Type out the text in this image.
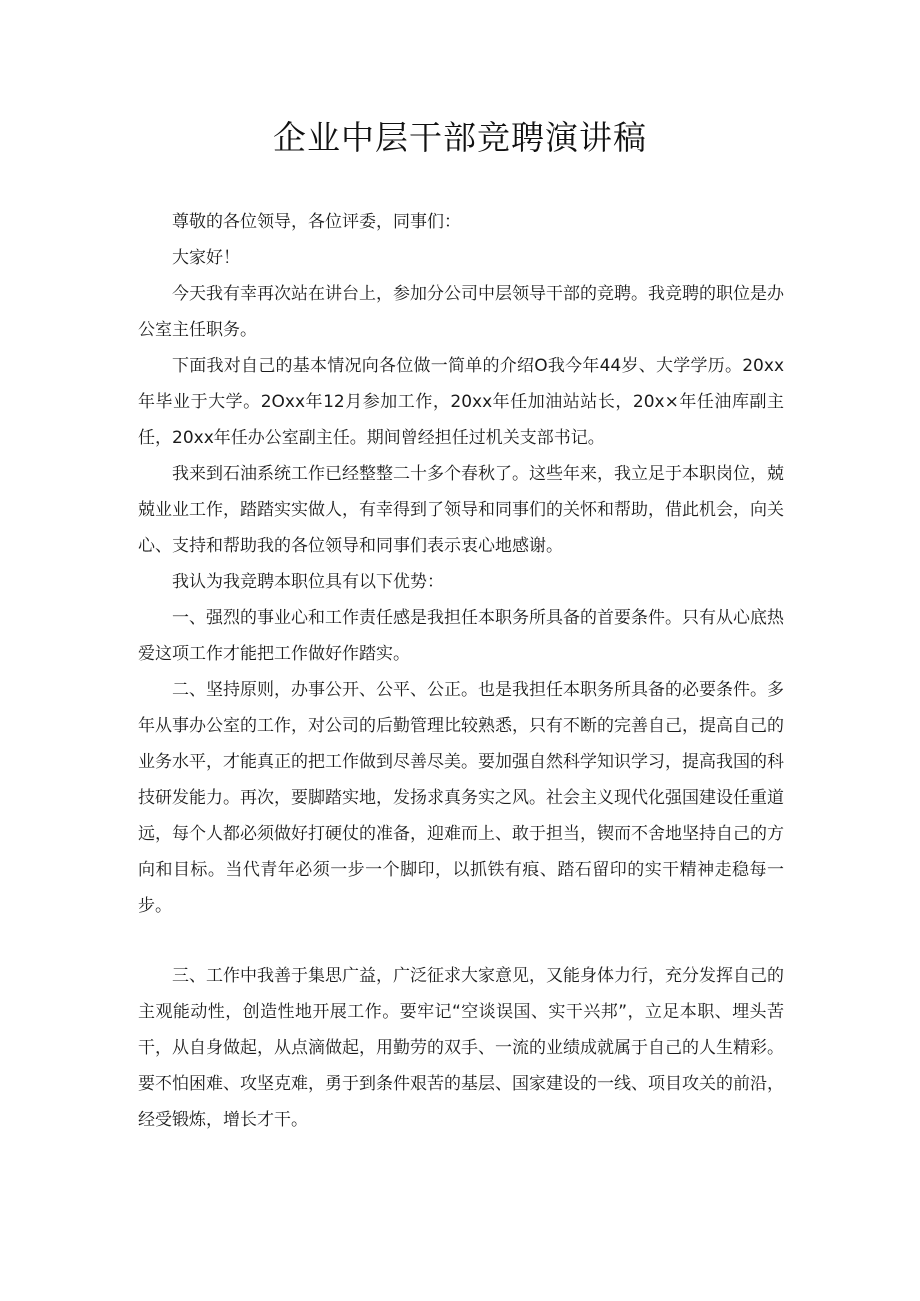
企业中层干部竞聘演讲稿

尊敬的各位领导，各位评委，同事们：

大家好！

今天我有幸再次站在讲台上，参加分公司中层领导干部的竞聘。我竞聘的职位是办公室主任职务。

下面我对自己的基本情况向各位做一简单的介绍O我今年44岁、大学学历。20xx年毕业于大学。2Oxx年12月参加工作，20xx年任加油站站长，20x×年任油库副主任，20xx年任办公室副主任。期间曾经担任过机关支部书记。

我来到石油系统工作已经整整二十多个春秋了。这些年来，我立足于本职岗位，兢兢业业工作，踏踏实实做人，有幸得到了领导和同事们的关怀和帮助，借此机会，向关心、支持和帮助我的各位领导和同事们表示衷心地感谢。

我认为我竞聘本职位具有以下优势：

一、强烈的事业心和工作责任感是我担任本职务所具备的首要条件。只有从心底热爱这项工作才能把工作做好作踏实。

二、坚持原则，办事公开、公平、公正。也是我担任本职务所具备的必要条件。多年从事办公室的工作，对公司的后勤管理比较熟悉，只有不断的完善自己，提高自己的业务水平，才能真正的把工作做到尽善尽美。要加强自然科学知识学习，提高我国的科技研发能力。再次，要脚踏实地，发扬求真务实之风。社会主义现代化强国建设任重道远，每个人都必须做好打硬仗的准备，迎难而上、敢于担当，锲而不舍地坚持自己的方向和目标。当代青年必须一步一个脚印，以抓铁有痕、踏石留印的实干精神走稳每一步。

三、工作中我善于集思广益，广泛征求大家意见，又能身体力行，充分发挥自己的主观能动性，创造性地开展工作。要牢记“空谈误国、实干兴邦”，立足本职、埋头苦干，从自身做起，从点滴做起，用勤劳的双手、一流的业绩成就属于自己的人生精彩。要不怕困难、攻坚克难，勇于到条件艰苦的基层、国家建设的一线、项目攻关的前沿，经受锻炼，增长才干。
